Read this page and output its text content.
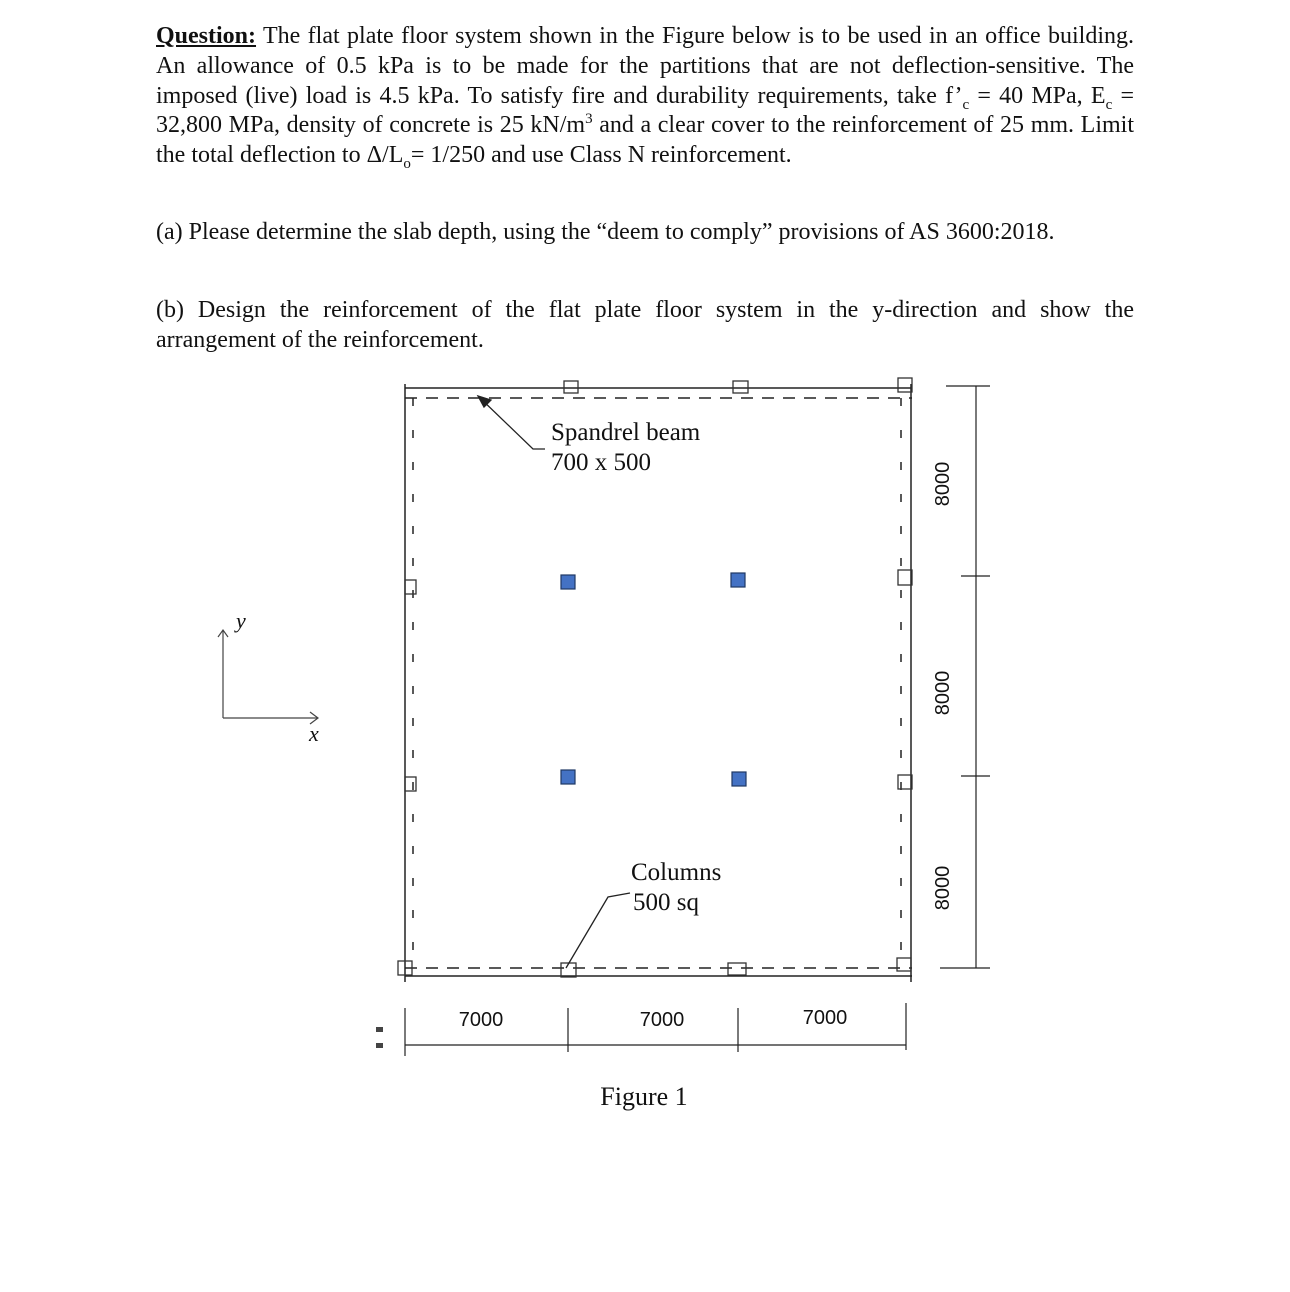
Question: The flat plate floor system shown in the Figure below is to be used in an office building. An allowance of 0.5 kPa is to be made for the partitions that are not deflection-sensitive. The imposed (live) load is 4.5 kPa. To satisfy fire and durability requirements, take $f’_c = 40$ MPa, $E_c = 32,800$ MPa, density of concrete is 25 $kN/m^3$ and a clear cover to the reinforcement of 25 mm. Limit the total deflection to $\Delta/L_o= 1/250$ and use Class N reinforcement.
(a) Please determine the slab depth, using the “deem to comply” provisions of AS 3600:2018.
(b) Design the reinforcement of the flat plate floor system in the y-direction and show the arrangement of the reinforcement.
Spandrel beam
700 x 500
Columns
500 sq
y
x
7000	7000	7000
8000
8000
8000
Figure 1
